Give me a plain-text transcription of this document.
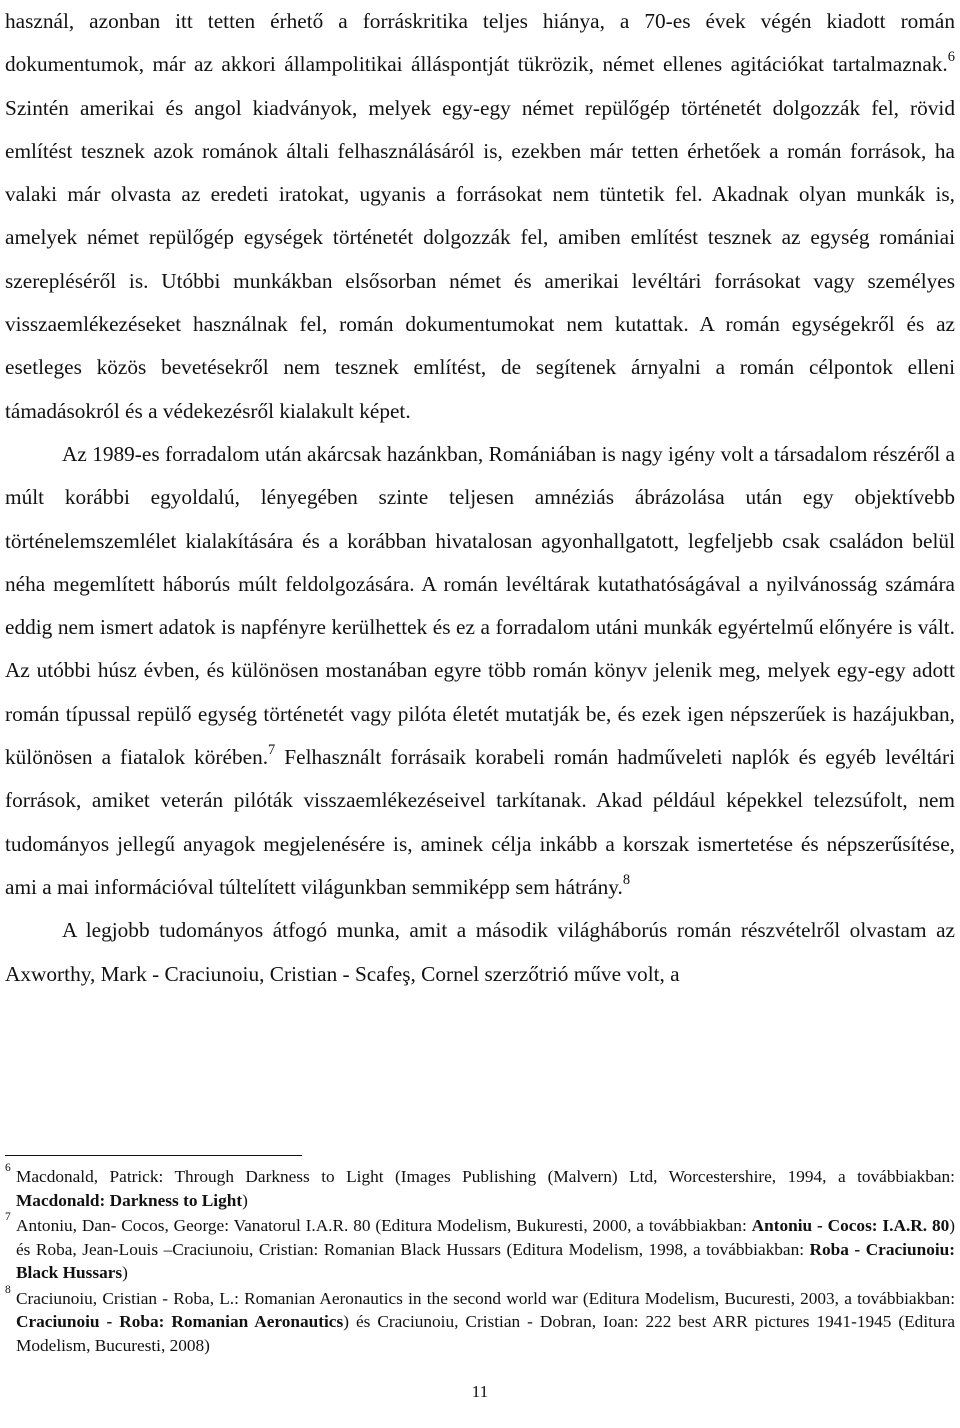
használ, azonban itt tetten érhető a forráskritika teljes hiánya, a 70-es évek végén kiadott román dokumentumok, már az akkori állampolitikai álláspontját tükrözik, német ellenes agitációkat tartalmaznak.$^6$ Szintén amerikai és angol kiadványok, melyek egy-egy német repülőgép történetét dolgozzák fel, rövid említést tesznek azok románok általi felhasználásáról is, ezekben már tetten érhetőek a román források, ha valaki már olvasta az eredeti iratokat, ugyanis a forrásokat nem tüntetik fel. Akadnak olyan munkák is, amelyek német repülőgép egységek történetét dolgozzák fel, amiben említést tesznek az egység romániai szerepléséről is. Utóbbi munkákban elsősorban német és amerikai levéltári forrásokat vagy személyes visszaemlékezéseket használnak fel, román dokumentumokat nem kutattak. A román egységekről és az esetleges közös bevetésekről nem tesznek említést, de segítenek árnyalni a román célpontok elleni támadásokról és a védekezésről kialakult képet.

Az 1989-es forradalom után akárcsak hazánkban, Romániában is nagy igény volt a társadalom részéről a múlt korábbi egyoldalú, lényegében szinte teljesen amnéziás ábrázolása után egy objektívebb történelemszemlélet kialakítására és a korábban hivatalosan agyonhallgatott, legfeljebb csak családon belül néha megemlített háborús múlt feldolgozására. A román levéltárak kutathatóságával a nyilvánosság számára eddig nem ismert adatok is napfényre kerülhettek és ez a forradalom utáni munkák egyértelmű előnyére is vált. Az utóbbi húsz évben, és különösen mostanában egyre több román könyv jelenik meg, melyek egy-egy adott román típussal repülő egység történetét vagy pilóta életét mutatják be, és ezek igen népszerűek is hazájukban, különösen a fiatalok körében.$^7$ Felhasznált forrásaik korabeli román hadműveleti naplók és egyéb levéltári források, amiket veterán pilóták visszaemlékezéseivel tarkítanak. Akad például képekkel telezsúfolt, nem tudományos jellegű anyagok megjelenésére is, aminek célja inkább a korszak ismertetése és népszerűsítése, ami a mai információval túltelített világunkban semmiképp sem hátrány.$^8$

A legjobb tudományos átfogó munka, amit a második világháborús román részvételről olvastam az Axworthy, Mark - Craciunoiu, Cristian - Scafeş, Cornel szerzőtrió műve volt, a

6 Macdonald, Patrick: Through Darkness to Light (Images Publishing (Malvern) Ltd, Worcestershire, 1994, a továbbiakban: Macdonald: Darkness to Light)

7 Antoniu, Dan- Cocos, George: Vanatorul I.A.R. 80 (Editura Modelism, Bukuresti, 2000, a továbbiakban: Antoniu - Cocos: I.A.R. 80) és Roba, Jean-Louis –Craciunoiu, Cristian: Romanian Black Hussars (Editura Modelism, 1998, a továbbiakban: Roba - Craciunoiu: Black Hussars)

8 Craciunoiu, Cristian - Roba, L.: Romanian Aeronautics in the second world war (Editura Modelism, Bucuresti, 2003, a továbbiakban: Craciunoiu - Roba: Romanian Aeronautics) és Craciunoiu, Cristian - Dobran, Ioan: 222 best ARR pictures 1941-1945 (Editura Modelism, Bucuresti, 2008)

11
